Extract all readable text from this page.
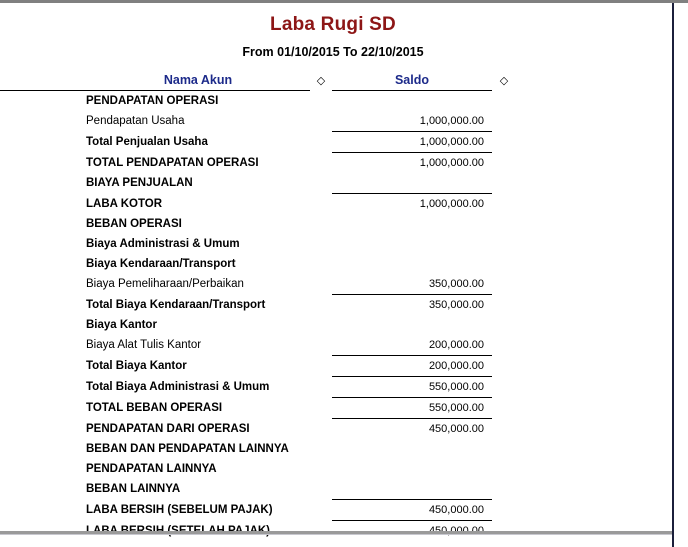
Laba Rugi SD
From 01/10/2015 To 22/10/2015
Nama Akun	◇	Saldo	◇	
PENDAPATAN OPERASI				
Pendapatan Usaha		1,000,000.00		
Total Penjualan Usaha		1,000,000.00		
TOTAL PENDAPATAN OPERASI		1,000,000.00		
BIAYA PENJUALAN				
LABA KOTOR		1,000,000.00		
BEBAN OPERASI				
Biaya Administrasi & Umum				
Biaya Kendaraan/Transport				
Biaya Pemeliharaan/Perbaikan		350,000.00		
Total Biaya Kendaraan/Transport		350,000.00		
Biaya Kantor				
Biaya Alat Tulis Kantor		200,000.00		
Total Biaya Kantor		200,000.00		
Total Biaya Administrasi & Umum		550,000.00		
TOTAL BEBAN OPERASI		550,000.00		
PENDAPATAN DARI OPERASI		450,000.00		
BEBAN DAN PENDAPATAN LAINNYA				
PENDAPATAN LAINNYA				
BEBAN LAINNYA				
LABA BERSIH (SEBELUM PAJAK)		450,000.00		
